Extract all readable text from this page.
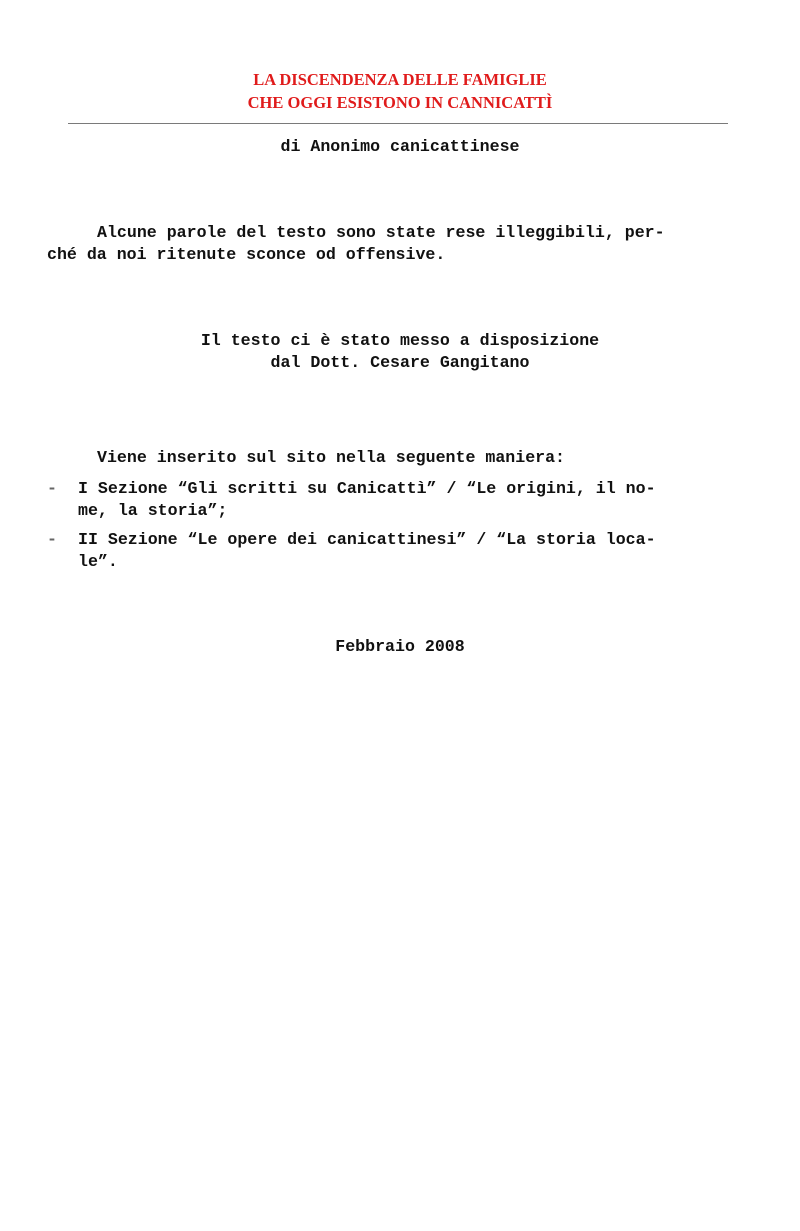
LA DISCENDENZA DELLE FAMIGLIE
CHE OGGI ESISTONO IN CANNICATTÌ
di Anonimo canicattinese
Alcune parole del testo sono state rese illeggibili, per-
ché da noi ritenute sconce od offensive.
Il testo ci è stato messo a disposizione
dal Dott. Cesare Gangitano
Viene inserito sul sito nella seguente maniera:
- I Sezione “Gli scritti su Canicattì” / “Le origini, il no-
me, la storia”;
- II Sezione “Le opere dei canicattinesi” / “La storia loca-
le”.
Febbraio 2008
